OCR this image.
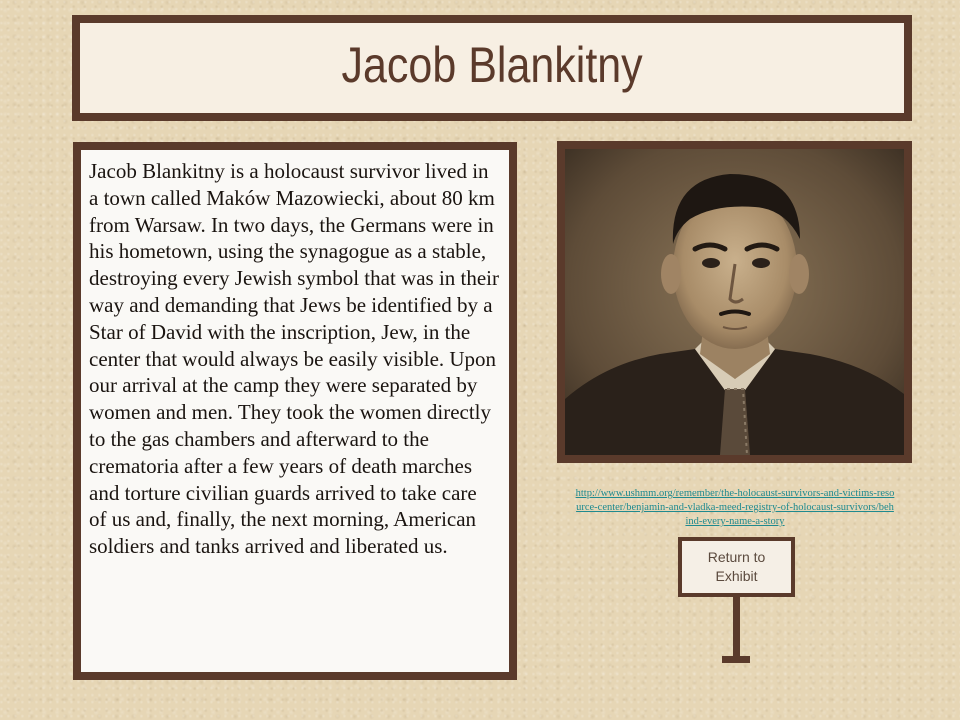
Jacob Blankitny

Jacob Blankitny is a holocaust survivor lived in a town called Maków Mazowiecki, about 80 km from Warsaw. In two days, the Germans were in his hometown, using the synagogue as a stable, destroying every Jewish symbol that was in their way and demanding that Jews be identified by a Star of David with the inscription, Jew, in the center that would always be easily visible. Upon our arrival at the camp they were separated by women and men. They took the women directly to the gas chambers and afterward to the crematoria after a few years of death marches and torture civilian guards arrived to take care of us and, finally, the next morning, American soldiers and tanks arrived and liberated us.

http://www.ushmm.org/remember/the-holocaust-survivors-and-victims-resource-center/benjamin-and-vladka-meed-registry-of-holocaust-survivors/behind-every-name-a-story
Return to Exhibit
